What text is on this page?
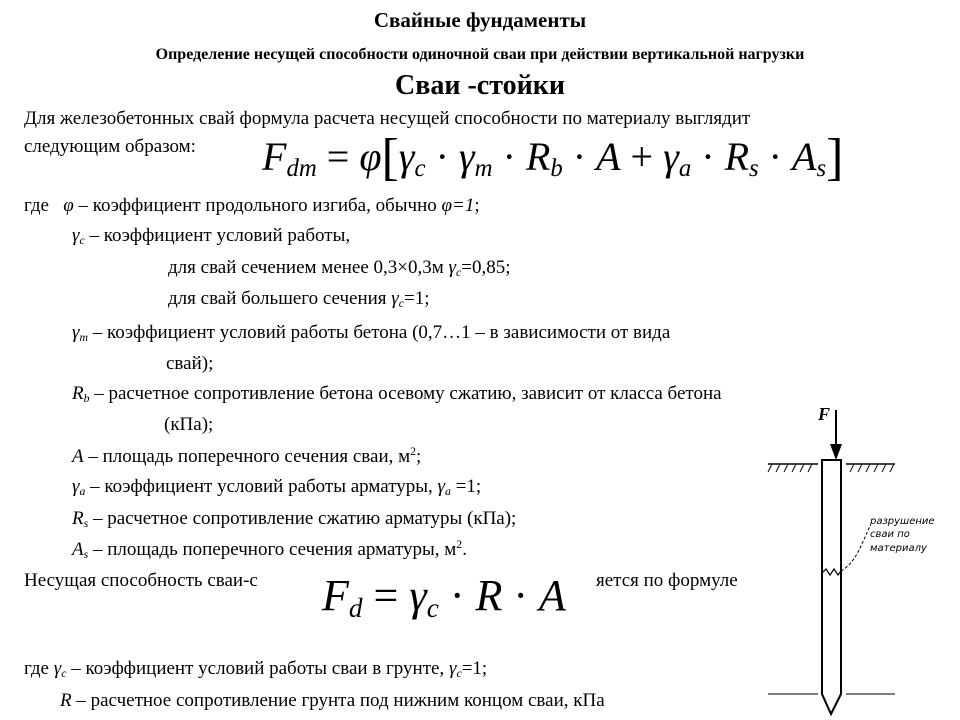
Свайные фундаменты
Определение несущей способности одиночной сваи при действии вертикальной нагрузки
Сваи -стойки
Для железобетонных свай формула расчета несущей способности по материалу выглядит
следующим образом: $F_{dm} = \varphi[\gamma_c \cdot \gamma_m \cdot R_b \cdot A + \gamma_a \cdot R_s \cdot A_s]$
где φ – коэффициент продольного изгиба, обычно φ=1;
$\gamma_c$ – коэффициент условий работы,
для свай сечением менее 0,3×0,3м $\gamma_c=0,85$;
для свай большего сечения $\gamma_c=1$;
$\gamma_m$ – коэффициент условий работы бетона (0,7…1 – в зависимости от вида
свай);
$R_b$ – расчетное сопротивление бетона осевому сжатию, зависит от класса бетона
(кПа);
A – площадь поперечного сечения сваи, $м^2$;
$\gamma_a$ – коэффициент условий работы арматуры, $\gamma_a =1$;
$R_s$ – расчетное сопротивление сжатию арматуры (кПа);
$A_s$ – площадь поперечного сечения арматуры, $м^2$.
Несущая способность сваи-с	яется по формуле
$F_d = \gamma_c \cdot R \cdot A$
где $\gamma_c$ – коэффициент условий работы сваи в грунте, $\gamma_c=1$;
R – расчетное сопротивление грунта под нижним концом сваи, кПа
F
разрушение
сваи по
материалу
